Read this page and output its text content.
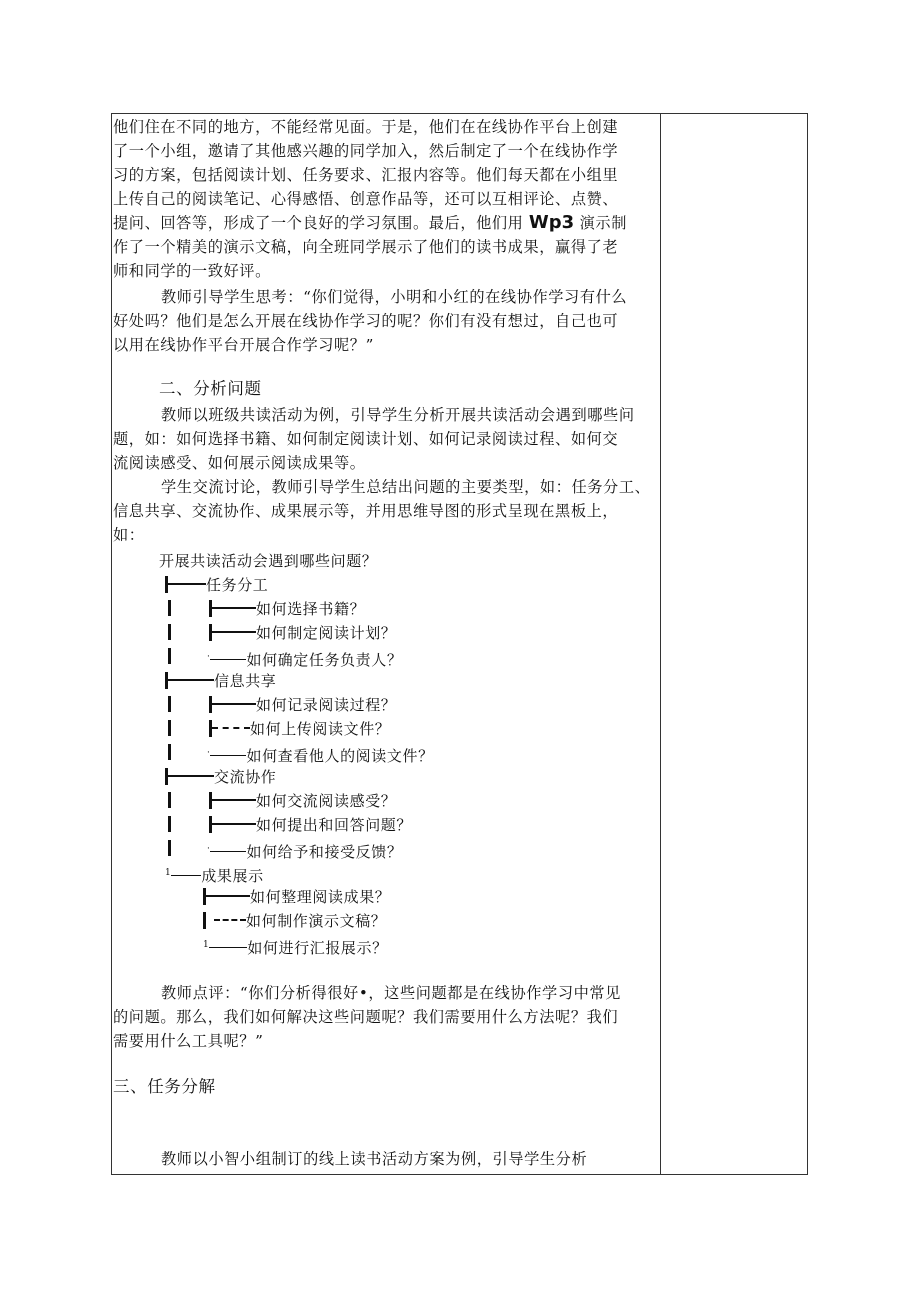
他们住在不同的地方，不能经常见面。于是，他们在在线协作平台上创建
了一个小组，邀请了其他感兴趣的同学加入，然后制定了一个在线协作学
习的方案，包括阅读计划、任务要求、汇报内容等。他们每天都在小组里
上传自己的阅读笔记、心得感悟、创意作品等，还可以互相评论、点赞、
提问、回答等，形成了一个良好的学习氛围。最后，他们用 Wp3 演示制
作了一个精美的演示文稿，向全班同学展示了他们的读书成果，赢得了老
师和同学的一致好评。
教师引导学生思考：“你们觉得，小明和小红的在线协作学习有什么
好处吗？他们是怎么开展在线协作学习的呢？你们有没有想过，自己也可
以用在线协作平台开展合作学习呢？”
二、分析问题
教师以班级共读活动为例，引导学生分析开展共读活动会遇到哪些问
题，如：如何选择书籍、如何制定阅读计划、如何记录阅读过程、如何交
流阅读感受、如何展示阅读成果等。
学生交流讨论，教师引导学生总结出问题的主要类型，如：任务分工、
信息共享、交流协作、成果展示等，并用思维导图的形式呈现在黑板上，
如：
开展共读活动会遇到哪些问题？
任务分工
如何选择书籍？
如何制定阅读计划？
· 如何确定任务负责人？
信息共享
如何记录阅读过程？
如何上传阅读文件？
· 如何查看他人的阅读文件？
交流协作
如何交流阅读感受？
如何提出和回答问题？
· 如何给予和接受反馈？
1 成果展示
如何整理阅读成果？
如何制作演示文稿？
1	如何进行汇报展示？
教师点评：“你们分析得很好•，这些问题都是在线协作学习中常见
的问题。那么，我们如何解决这些问题呢？我们需要用什么方法呢？我们
需要用什么工具呢？”
三、任务分解
教师以小智小组制订的线上读书活动方案为例，引导学生分析
